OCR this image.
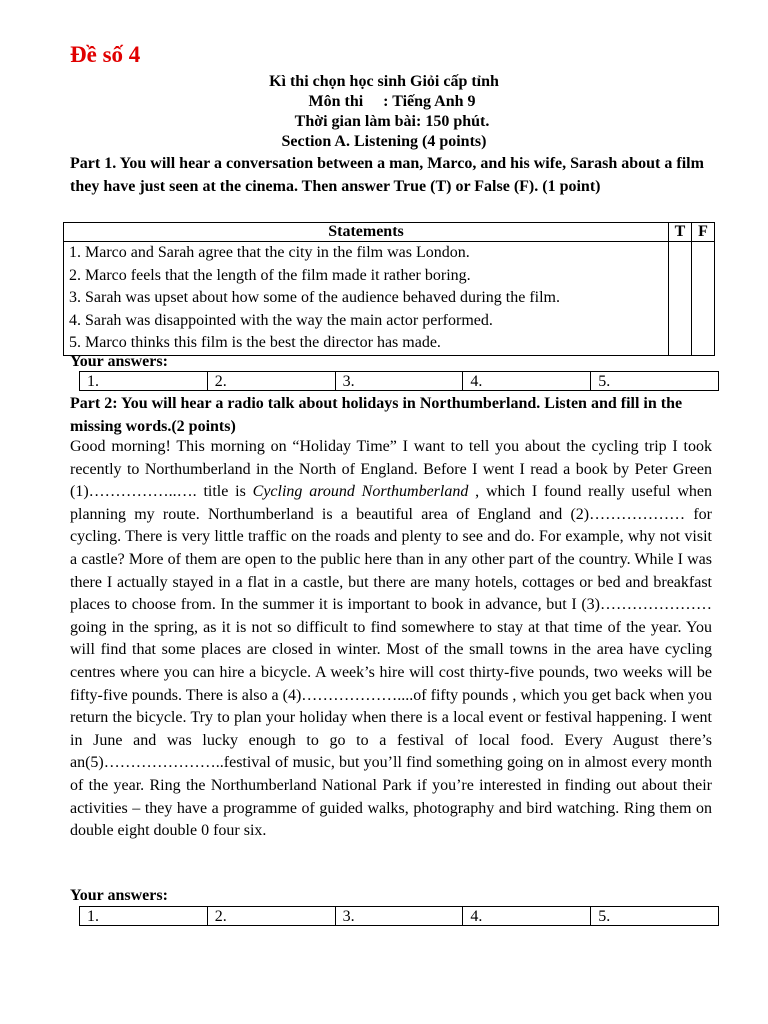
Đề số 4
Kì thi chọn học sinh Giỏi cấp tỉnh
Môn thi     : Tiếng Anh 9
Thời gian làm bài: 150 phút.
Section A. Listening (4 points)
Part 1. You will hear a conversation between a man, Marco, and his wife, Sarash about a film they have just seen at the cinema. Then answer True (T) or False (F). (1 point)
Statements	T	F

1. Marco and Sarah agree that the city in the film was London.
2. Marco feels that the length of the film made it rather boring.
3. Sarah was upset about how some of the audience behaved during the film.
4. Sarah was disappointed with the way the main actor performed.
5. Marco thinks this film is the best the director has made.		

Your answers:
1.	2.	3.	4.	5.
Part 2: You will hear a radio talk about holidays in Northumberland. Listen and fill in the missing words.(2 points)

Good morning! This morning on “Holiday Time” I want to tell you about the cycling trip I took recently to Northumberland in the North of England. Before I went I read a book by Peter Green (1)……………..…. title is Cycling around Northumberland , which I found really useful when planning my route. Northumberland is a beautiful area of England and (2)……………… for cycling. There is very little traffic on the roads and plenty to see and do. For example, why not visit a castle? More of them are open to the public here than in any other part of the country. While I was there I actually stayed in a flat in a castle, but there are many hotels, cottages or bed and breakfast places to choose from. In the summer it is important to book in advance, but I (3)…………………going in the spring, as it is not so difficult to find somewhere to stay at that time of the year. You will find that some places are closed in winter. Most of the small towns in the area have cycling centres where you can hire a bicycle. A week’s hire will cost thirty-five pounds, two weeks will be fifty-five pounds. There is also a (4)………………....of fifty pounds , which you get back when you return the bicycle. Try to plan your holiday when there is a local event or festival happening. I went in June and was lucky enough to go to a festival of local food. Every August there’s an(5)…………………..festival of music, but you’ll find something going on in almost every month of the year. Ring the Northumberland National Park if you’re interested in finding out about their activities – they have a programme of guided walks, photography and bird watching. Ring them on double eight double 0 four six.

Your answers:
1.	2.	3.	4.	5.
